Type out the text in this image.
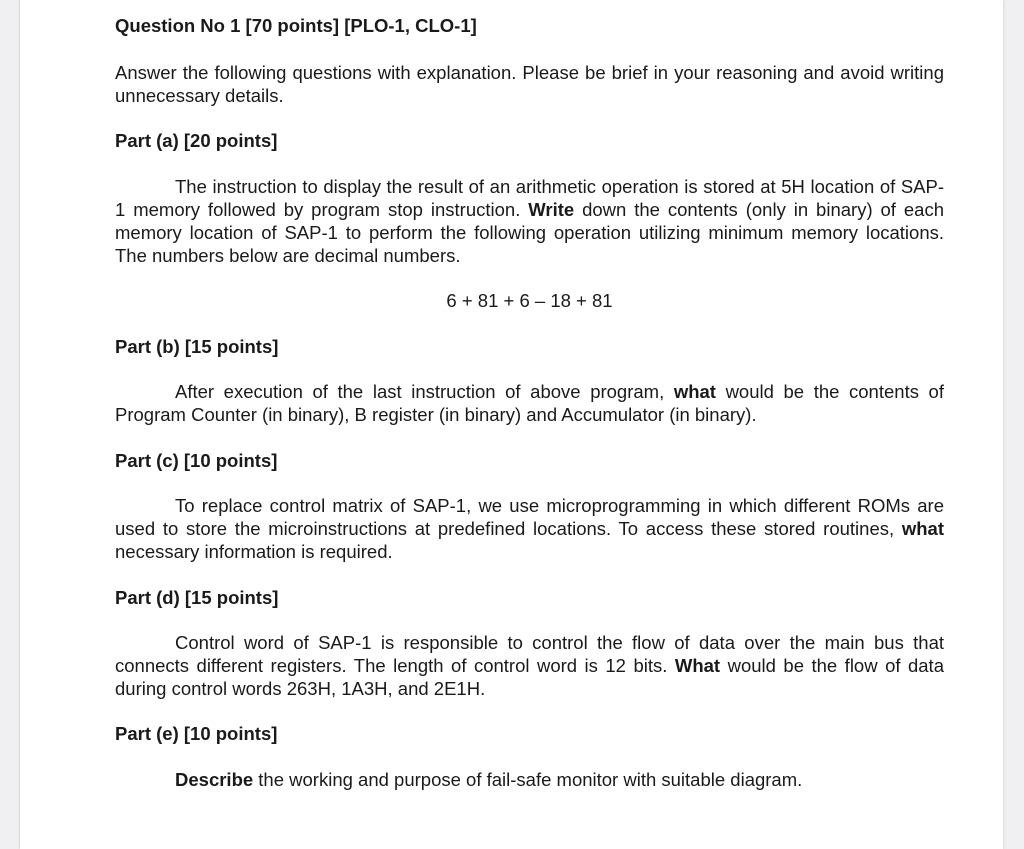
Question No 1 [70 points] [PLO-1, CLO-1]

Answer the following questions with explanation. Please be brief in your reasoning and avoid writing unnecessary details.

Part (a) [20 points]

The instruction to display the result of an arithmetic operation is stored at 5H location of SAP-1 memory followed by program stop instruction. Write down the contents (only in binary) of each memory location of SAP-1 to perform the following operation utilizing minimum memory locations. The numbers below are decimal numbers.

6 + 81 + 6 – 18 + 81

Part (b) [15 points]

After execution of the last instruction of above program, what would be the contents of Program Counter (in binary), B register (in binary) and Accumulator (in binary).

Part (c) [10 points]

To replace control matrix of SAP-1, we use microprogramming in which different ROMs are used to store the microinstructions at predefined locations. To access these stored routines, what necessary information is required.

Part (d) [15 points]

Control word of SAP-1 is responsible to control the flow of data over the main bus that connects different registers. The length of control word is 12 bits. What would be the flow of data during control words 263H, 1A3H, and 2E1H.

Part (e) [10 points]

Describe the working and purpose of fail-safe monitor with suitable diagram.
